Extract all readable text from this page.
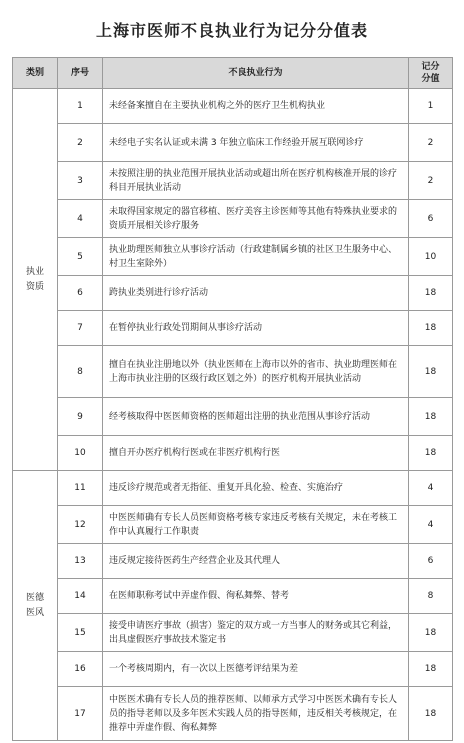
上海市医师不良执业行为记分分值表
类别	序号	不良执业行为	记分
分值
执业
资质	1	未经备案擅自在主要执业机构之外的医疗卫生机构执业	1
	2	未经电子实名认证或未满 3 年独立临床工作经验开展互联网诊疗	2
	3	未按照注册的执业范围开展执业活动或超出所在医疗机构核准开展的诊疗科目开展执业活动	2
	4	未取得国家规定的器官移植、医疗美容主诊医师等其他有特殊执业要求的资质开展相关诊疗服务	6
	5	执业助理医师独立从事诊疗活动（行政建制属乡镇的社区卫生服务中心、村卫生室除外）	10
	6	跨执业类别进行诊疗活动	18
	7	在暂停执业行政处罚期间从事诊疗活动	18
	8	擅自在执业注册地以外（执业医师在上海市以外的省市、执业助理医师在上海市执业注册的区级行政区划之外）的医疗机构开展执业活动	18
	9	经考核取得中医医师资格的医师超出注册的执业范围从事诊疗活动	18
	10	擅自开办医疗机构行医或在非医疗机构行医	18
医德
医风	11	违反诊疗规范或者无指征、重复开具化验、检查、实施治疗	4
	12	中医医师确有专长人员医师资格考核专家违反考核有关规定，未在考核工作中认真履行工作职责	4
	13	违反规定接待医药生产经营企业及其代理人	6
	14	在医师职称考试中弄虚作假、徇私舞弊、替考	8
	15	接受申请医疗事故（损害）鉴定的双方或一方当事人的财务或其它利益，出具虚假医疗事故技术鉴定书	18
	16	一个考核周期内，有一次以上医德考评结果为差	18
	17	中医医术确有专长人员的推荐医师、以师承方式学习中医医术确有专长人员的指导老师以及多年医术实践人员的指导医师，违反相关考核规定，在推荐中弄虚作假、徇私舞弊	18
